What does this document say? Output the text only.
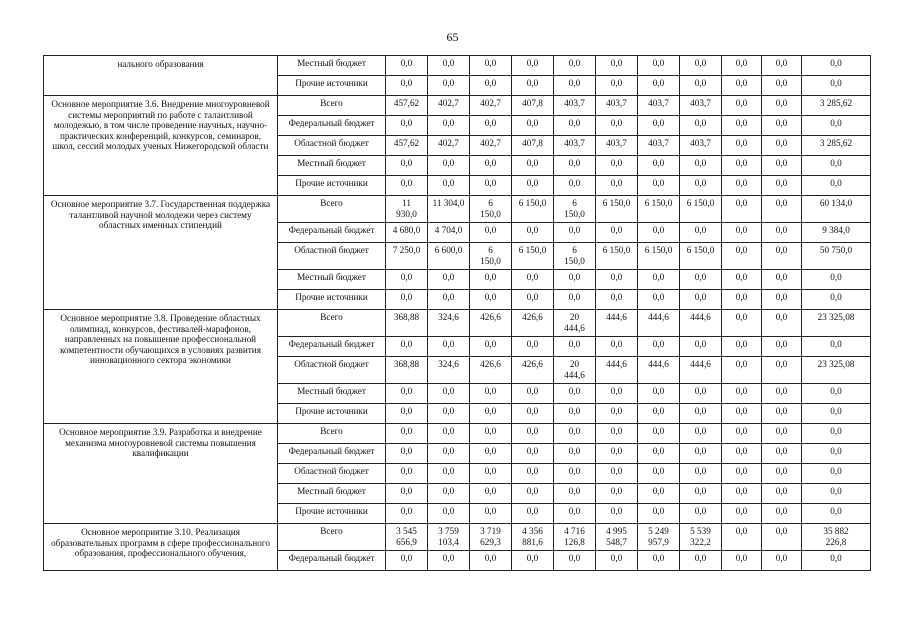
65
нального образования	Местный бюджет	0,0	0,0	0,0	0,0	0,0	0,0	0,0	0,0	0,0	0,0	0,0
	Прочие источники	0,0	0,0	0,0	0,0	0,0	0,0	0,0	0,0	0,0	0,0	0,0
Основное мероприятие 3.6. Внедрение многоуровневой системы мероприятий по работе с талантливой молодежью, в том числе проведение научных, научно-практических конференций, конкурсов, семинаров, школ, сессий молодых ученых Нижегородской области	Всего	457,62	402,7	402,7	407,8	403,7	403,7	403,7	403,7	0,0	0,0	3 285,62
	Федеральный бюджет	0,0	0,0	0,0	0,0	0,0	0,0	0,0	0,0	0,0	0,0	0,0
	Областной бюджет	457,62	402,7	402,7	407,8	403,7	403,7	403,7	403,7	0,0	0,0	3 285,62
	Местный бюджет	0,0	0,0	0,0	0,0	0,0	0,0	0,0	0,0	0,0	0,0	0,0
	Прочие источники	0,0	0,0	0,0	0,0	0,0	0,0	0,0	0,0	0,0	0,0	0,0
Основное мероприятие 3.7. Государственная поддержка талантливой научной молодежи через систему областных именных стипендий	Всего	11
930,0	11 304,0	6
150,0	6 150,0	6
150,0	6 150,0	6 150,0	6 150,0	0,0	0,0	60 134,0
	Федеральный бюджет	4 680,0	4 704,0	0,0	0,0	0,0	0,0	0,0	0,0	0,0	0,0	9 384,0
	Областной бюджет	7 250,0	6 600,0	6
150,0	6 150,0	6
150,0	6 150,0	6 150,0	6 150,0	0,0	0,0	50 750,0
	Местный бюджет	0,0	0,0	0,0	0,0	0,0	0,0	0,0	0,0	0,0	0,0	0,0
	Прочие источники	0,0	0,0	0,0	0,0	0,0	0,0	0,0	0,0	0,0	0,0	0,0
Основное мероприятие 3.8. Проведение областных олимпиад, конкурсов, фестивалей-марафонов, направленных на повышение профессиональной компетентности обучающихся в условиях развития инновационного сектора экономики	Всего	368,88	324,6	426,6	426,6	20
444,6	444,6	444,6	444,6	0,0	0,0	23 325,08
	Федеральный бюджет	0,0	0,0	0,0	0,0	0,0	0,0	0,0	0,0	0,0	0,0	0,0
	Областной бюджет	368,88	324,6	426,6	426,6	20
444,6	444,6	444,6	444,6	0,0	0,0	23 325,08
	Местный бюджет	0,0	0,0	0,0	0,0	0,0	0,0	0,0	0,0	0,0	0,0	0,0
	Прочие источники	0,0	0,0	0,0	0,0	0,0	0,0	0,0	0,0	0,0	0,0	0,0
Основное мероприятие 3.9. Разработка и внедрение механизма многоуровневой системы повышения квалификации	Всего	0,0	0,0	0,0	0,0	0,0	0,0	0,0	0,0	0,0	0,0	0,0
	Федеральный бюджет	0,0	0,0	0,0	0,0	0,0	0,0	0,0	0,0	0,0	0,0	0,0
	Областной бюджет	0,0	0,0	0,0	0,0	0,0	0,0	0,0	0,0	0,0	0,0	0,0
	Местный бюджет	0,0	0,0	0,0	0,0	0,0	0,0	0,0	0,0	0,0	0,0	0,0
	Прочие источники	0,0	0,0	0,0	0,0	0,0	0,0	0,0	0,0	0,0	0,0	0,0
Основное мероприятие 3.10. Реализация образовательных программ в сфере профессионального образования, профессионального обучения,	Всего	3 545
656,9	3 759
103,4	3 719
629,3	4 356
881,6	4 716
126,8	4 995
548,7	5 249
957,9	5 539
322,2	0,0	0,0	35 882
226,8
	Федеральный бюджет	0,0	0,0	0,0	0,0	0,0	0,0	0,0	0,0	0,0	0,0	0,0
